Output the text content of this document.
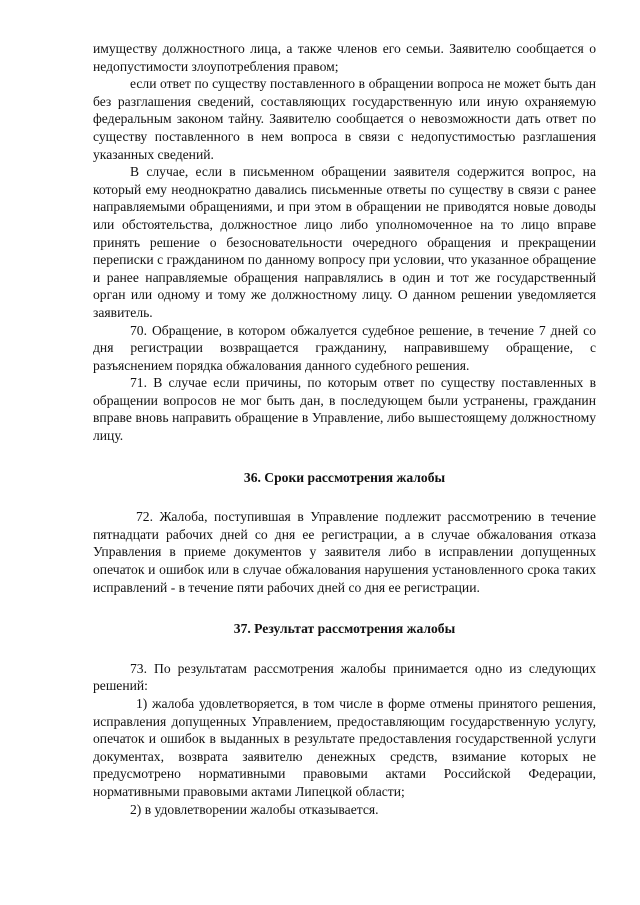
имуществу должностного лица, а также членов его семьи. Заявителю сообщается о недопустимости злоупотребления правом;

если ответ по существу поставленного в обращении вопроса не может быть дан без разглашения сведений, составляющих государственную или иную охраняемую федеральным законом тайну. Заявителю сообщается о невозможности дать ответ по существу поставленного в нем вопроса в связи с недопустимостью разглашения указанных сведений.

В случае, если в письменном обращении заявителя содержится вопрос, на который ему неоднократно давались письменные ответы по существу в связи с ранее направляемыми обращениями, и при этом в обращении не приводятся новые доводы или обстоятельства, должностное лицо либо уполномоченное на то лицо вправе принять решение о безосновательности очередного обращения и прекращении переписки с гражданином по данному вопросу при условии, что указанное обращение и ранее направляемые обращения направлялись в один и тот же государственный орган или одному и тому же должностному лицу. О данном решении уведомляется заявитель.

70. Обращение, в котором обжалуется судебное решение, в течение 7 дней со дня регистрации возвращается гражданину, направившему обращение, с разъяснением порядка обжалования данного судебного решения.

71. В случае если причины, по которым ответ по существу поставленных в обращении вопросов не мог быть дан, в последующем были устранены, гражданин вправе вновь направить обращение в Управление, либо вышестоящему должностному лицу.

36. Сроки рассмотрения жалобы

72. Жалоба, поступившая в Управление подлежит рассмотрению в течение пятнадцати рабочих дней со дня ее регистрации, а в случае обжалования отказа Управления в приеме документов у заявителя либо в исправлении допущенных опечаток и ошибок или в случае обжалования нарушения установленного срока таких исправлений - в течение пяти рабочих дней со дня ее регистрации.

37. Результат рассмотрения жалобы

73. По результатам рассмотрения жалобы принимается одно из следующих решений:

1) жалоба удовлетворяется, в том числе в форме отмены принятого решения, исправления допущенных Управлением, предоставляющим государственную услугу, опечаток и ошибок в выданных в результате предоставления государственной услуги документах, возврата заявителю денежных средств, взимание которых не предусмотрено нормативными правовыми актами Российской Федерации, нормативными правовыми актами Липецкой области;

2) в удовлетворении жалобы отказывается.
